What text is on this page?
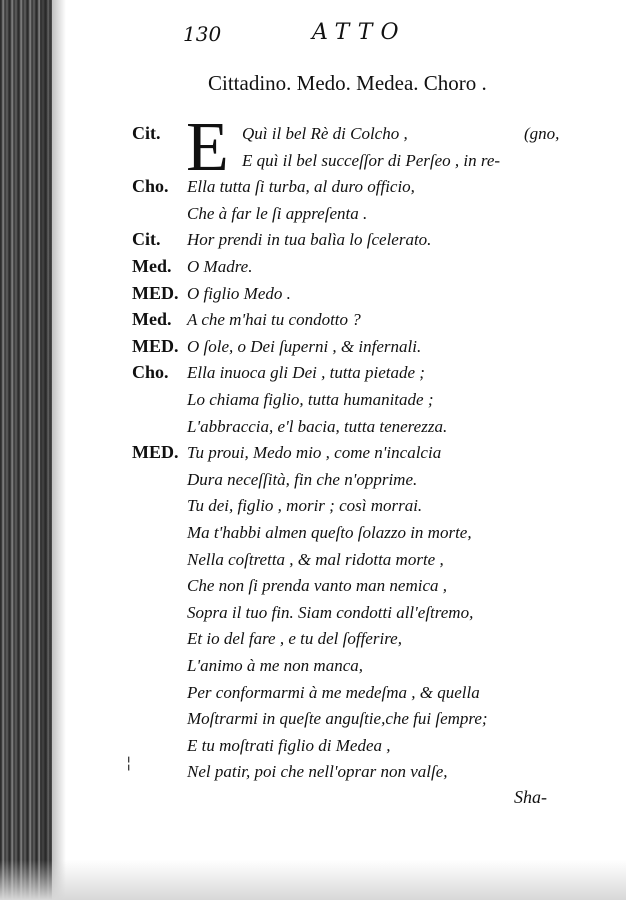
130	ATTO
Cittadino. Medo. Medea. Choro .
E
Cit.	Quì il bel Rè di Colcho ,	(gno,
E quì il bel succeſſor di Perſeo , in re-
Cho. Ella tutta ſi turba, al duro officio,
Che à far le ſi appreſenta .
Cit. Hor prendi in tua balìa lo ſcelerato.
Med. O Madre.
MED. O figlio Medo .
Med. A che m'hai tu condotto ?
MED. O ſole, o Dei ſuperni , & infernali.
Cho. Ella inuoca gli Dei , tutta pietade ;
Lo chiama figlio, tutta humanitade ;
L'abbraccia, e'l bacia, tutta tenerezza.
MED. Tu proui, Medo mio , come n'incalcia
Dura neceſſità, fin che n'opprime.
Tu dei, figlio , morir ; così morrai.
Ma t'habbi almen queſto ſolazzo in morte,
Nella coſtretta , & mal ridotta morte ,
Che non ſi prenda vanto man nemica ,
Sopra il tuo fin. Siam condotti all'eſtremo,
Et io del fare , e tu del ſofferire,
L'animo à me non manca,
Per conformarmi à me medeſma , & quella
Moſtrarmi in queſte anguſtie,che fui ſempre;
E tu moſtrati figlio di Medea ,
Nel patir, poi che nell'oprar non valſe,
¦
Sha-
